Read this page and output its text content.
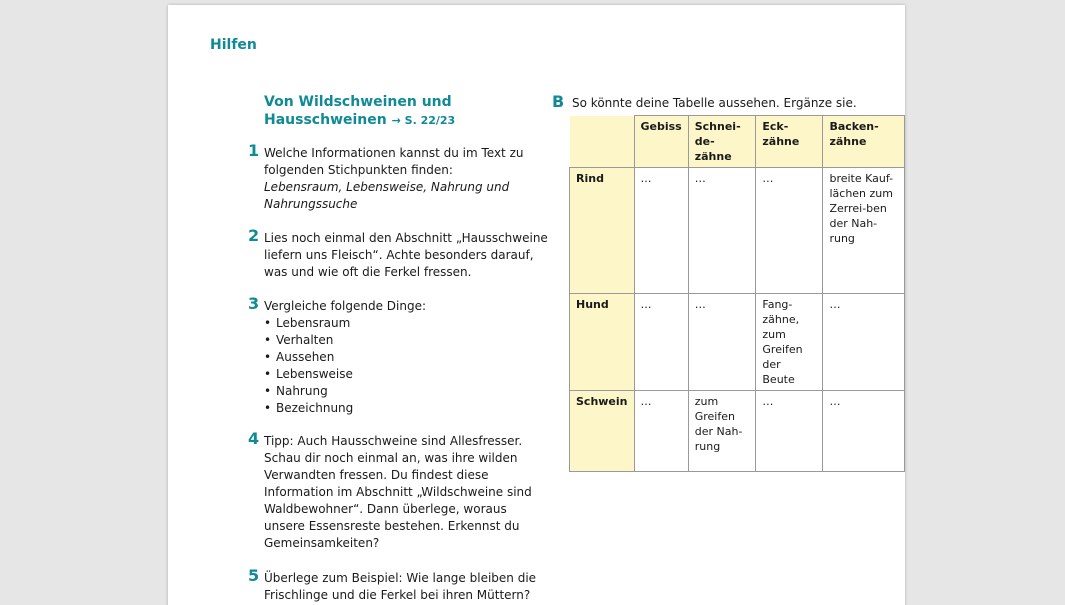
Hilfen
Von Wildschweinen und Hausschweinen → S. 22/23
1 Welche Informationen kannst du im Text zu folgenden Stichpunkten finden:
Lebensraum, Lebensweise, Nahrung und Nahrungssuche
2 Lies noch einmal den Abschnitt „Hausschweine liefern uns Fleisch“. Achte besonders darauf, was und wie oft die Ferkel fressen.
3 Vergleiche folgende Dinge:
• Lebensraum
• Verhalten
• Aussehen
• Lebensweise
• Nahrung
• Bezeichnung
4 Tipp: Auch Hausschweine sind Allesfresser. Schau dir noch einmal an, was ihre wilden Verwandten fressen. Du findest diese Information im Abschnitt „Wildschweine sind Waldbewohner“. Dann überlege, woraus unsere Essensreste bestehen. Erkennst du Gemeinsamkeiten?
5 Überlege zum Beispiel: Wie lange bleiben die Frischlinge und die Ferkel bei ihren Müttern?
B So könnte deine Tabelle aussehen. Ergänze sie.
	Gebiss	Schnei-de-zähne	Eck-zähne	Backen-zähne
Rind	…	…	…	breite Kauf-lächen zum Zerrei-ben der Nah-rung
Hund	…	…	Fang-zähne, zum Greifen der Beute	…
Schwein	…	zum Greifen der Nah-rung	…	…
